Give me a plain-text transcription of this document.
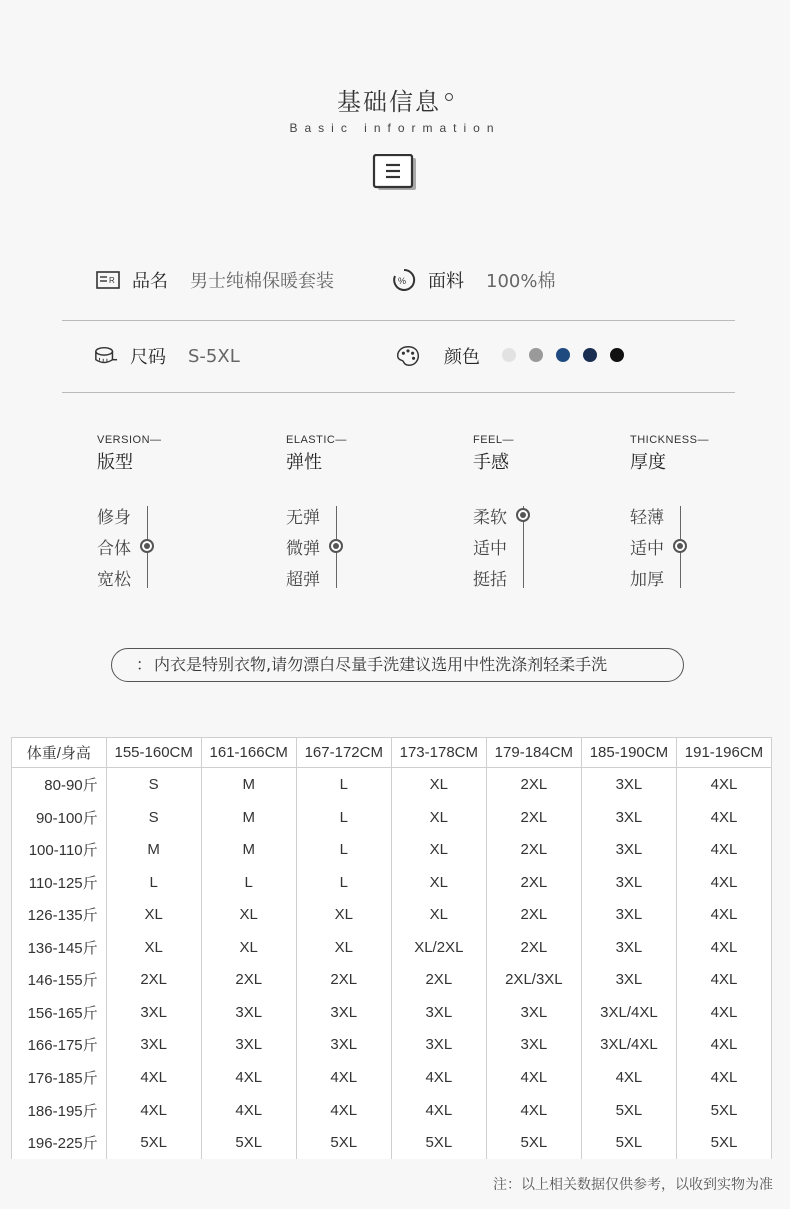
基础信息
Basic information
R 品名 男士纯棉保暖套装	% 面料 100%棉
尺码 S-5XL	颜色
VERSION—
版型
修身
合体
宽松
ELASTIC—
弹性
无弹
微弹
超弹
FEEL—
手感
柔软
适中
挺括
THICKNESS—
厚度
轻薄
适中
加厚
： 内衣是特别衣物,请勿漂白尽量手洗建议选用中性洗涤剂轻柔手洗
体重/身高	155-160CM	161-166CM	167-172CM	173-178CM	179-184CM	185-190CM	191-196CM
80-90斤	S	M	L	XL	2XL	3XL	4XL
90-100斤	S	M	L	XL	2XL	3XL	4XL
100-110斤	M	M	L	XL	2XL	3XL	4XL
110-125斤	L	L	L	XL	2XL	3XL	4XL
126-135斤	XL	XL	XL	XL	2XL	3XL	4XL
136-145斤	XL	XL	XL	XL/2XL	2XL	3XL	4XL
146-155斤	2XL	2XL	2XL	2XL	2XL/3XL	3XL	4XL
156-165斤	3XL	3XL	3XL	3XL	3XL	3XL/4XL	4XL
166-175斤	3XL	3XL	3XL	3XL	3XL	3XL/4XL	4XL
176-185斤	4XL	4XL	4XL	4XL	4XL	4XL	4XL
186-195斤	4XL	4XL	4XL	4XL	4XL	5XL	5XL
196-225斤	5XL	5XL	5XL	5XL	5XL	5XL	5XL
注：以上相关数据仅供参考，以收到实物为准
